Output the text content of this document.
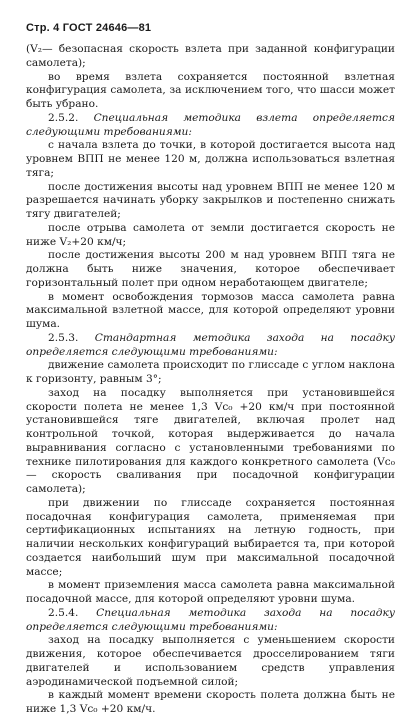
Стр. 4 ГОСТ 24646—81

(V₂— безопасная скорость взлета при заданной конфигурации самолета);

во время взлета сохраняется постоянной взлетная конфигурация самолета, за исключением того, что шасси может быть убрано.

2.5.2. Специальная методика взлета определяется следующими требованиями:

с начала взлета до точки, в которой достигается высота над уровнем ВПП не менее 120 м, должна использоваться взлетная тяга;

после достижения высоты над уровнем ВПП не менее 120 м разрешается начинать уборку закрылков и постепенно снижать тягу двигателей;

после отрыва самолета от земли достигается скорость не ниже V₂+20 км/ч;

после достижения высоты 200 м над уровнем ВПП тяга не должна быть ниже значения, которое обеспечивает горизонтальный полет при одном неработающем двигателе;

в момент освобождения тормозов масса самолета равна максимальной взлетной массе, для которой определяют уровни шума.

2.5.3. Стандартная методика захода на посадку определяется следующими требованиями:

движение самолета происходит по глиссаде с углом наклона к горизонту, равным 3°;

заход на посадку выполняется при установившейся скорости полета не менее 1,3 Vс₀ +20 км/ч при постоянной установившейся тяге двигателей, включая пролет над контрольной точкой, которая выдерживается до начала выравнивания согласно с установленными требованиями по технике пилотирования для каждого конкретного самолета (Vс₀ — скорость сваливания при посадочной конфигурации самолета);

при движении по глиссаде сохраняется постоянная посадочная конфигурация самолета, применяемая при сертификационных испытаниях на летную годность, при наличии нескольких конфигураций выбирается та, при которой создается наибольший шум при максимальной посадочной массе;

в момент приземления масса самолета равна максимальной посадочной массе, для которой определяют уровни шума.

2.5.4. Специальная методика захода на посадку определяется следующими требованиями:

заход на посадку выполняется с уменьшением скорости движения, которое обеспечивается дросселированием тяги двигателей и использованием средств управления аэродинамической подъемной силой;

в каждый момент времени скорость полета должна быть не ниже 1,3 Vс₀ +20 км/ч.
